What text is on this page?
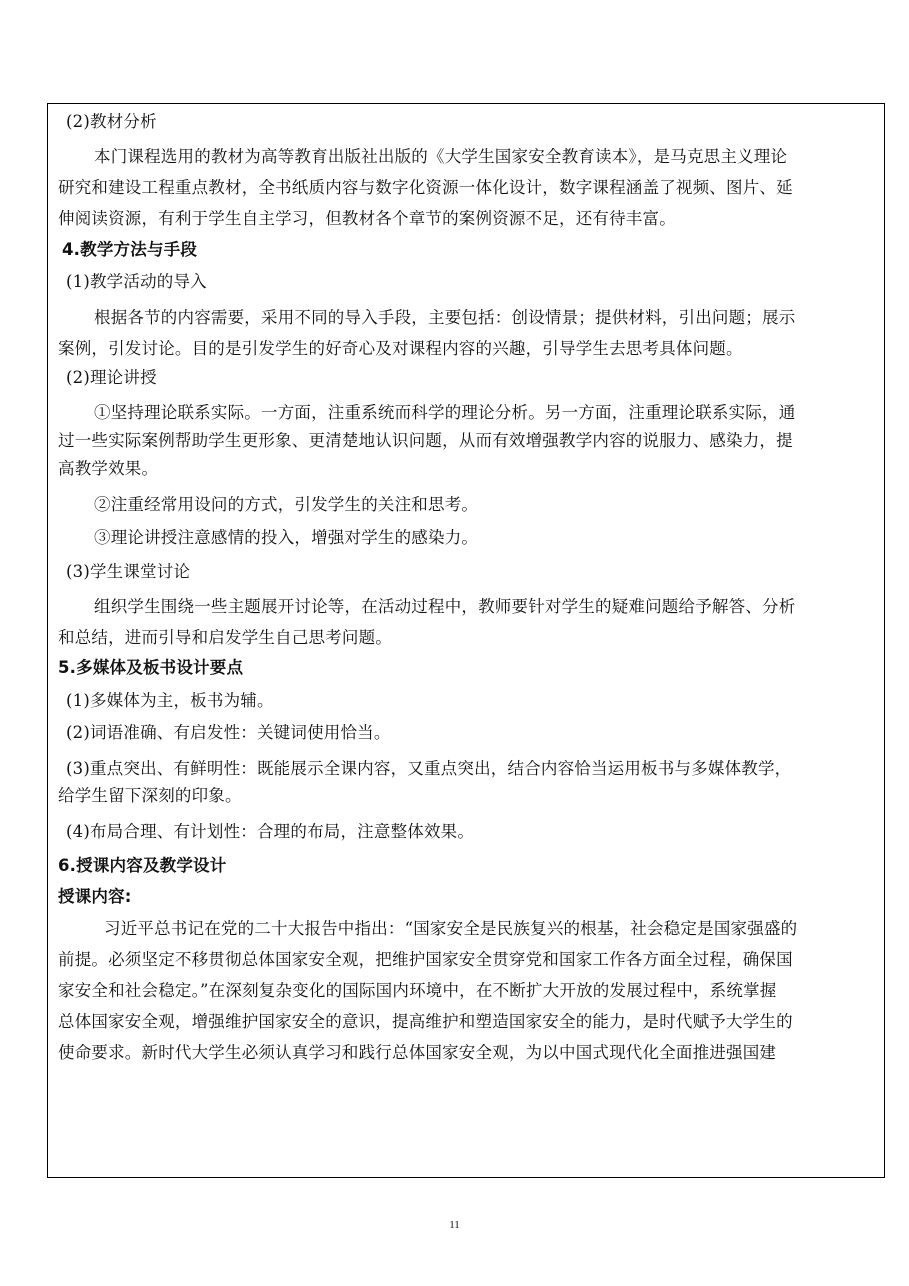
(2)教材分析
本门课程选用的教材为高等教育出版社出版的《大学生国家安全教育读本》，是马克思主义理论
研究和建设工程重点教材，全书纸质内容与数字化资源一体化设计，数字课程涵盖了视频、图片、延
伸阅读资源，有利于学生自主学习，但教材各个章节的案例资源不足，还有待丰富。
4.教学方法与手段
(1)教学活动的导入
根据各节的内容需要，采用不同的导入手段，主要包括：创设情景；提供材料，引出问题；展示
案例，引发讨论。目的是引发学生的好奇心及对课程内容的兴趣，引导学生去思考具体问题。
(2)理论讲授
①坚持理论联系实际。一方面，注重系统而科学的理论分析。另一方面，注重理论联系实际，通
过一些实际案例帮助学生更形象、更清楚地认识问题，从而有效增强教学内容的说服力、感染力，提
高教学效果。
②注重经常用设问的方式，引发学生的关注和思考。
③理论讲授注意感情的投入，增强对学生的感染力。
(3)学生课堂讨论
组织学生围绕一些主题展开讨论等，在活动过程中，教师要针对学生的疑难问题给予解答、分析
和总结，进而引导和启发学生自己思考问题。
5.多媒体及板书设计要点
(1)多媒体为主，板书为辅。
(2)词语准确、有启发性：关键词使用恰当。
(3)重点突出、有鲜明性：既能展示全课内容，又重点突出，结合内容恰当运用板书与多媒体教学，
给学生留下深刻的印象。
(4)布局合理、有计划性：合理的布局，注意整体效果。
6.授课内容及教学设计
授课内容:
习近平总书记在党的二十大报告中指出：“国家安全是民族复兴的根基，社会稳定是国家强盛的
前提。必须坚定不移贯彻总体国家安全观，把维护国家安全贯穿党和国家工作各方面全过程，确保国
家安全和社会稳定。”在深刻复杂变化的国际国内环境中，在不断扩大开放的发展过程中，系统掌握
总体国家安全观，增强维护国家安全的意识，提高维护和塑造国家安全的能力，是时代赋予大学生的
使命要求。新时代大学生必须认真学习和践行总体国家安全观，为以中国式现代化全面推进强国建
11
